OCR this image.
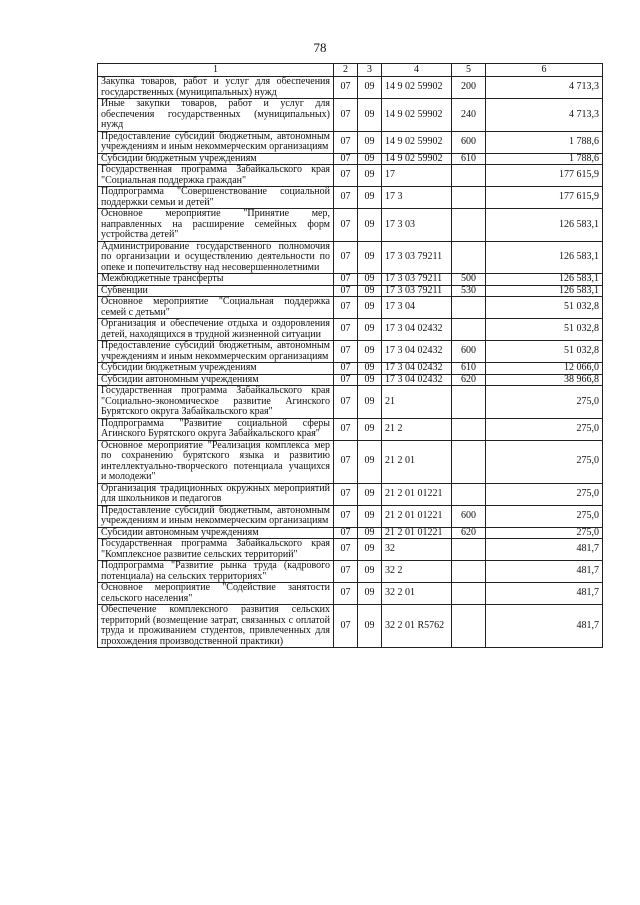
78
1	2	3	4	5	6
Закупка товаров, работ и услуг для обеспечения государственных (муниципальных) нужд	07	09	14 9 02 59902	200	4 713,3
Иные закупки товаров, работ и услуг для обеспечения государственных (муниципальных) нужд	07	09	14 9 02 59902	240	4 713,3
Предоставление субсидий бюджетным, автономным учреждениям и иным некоммерческим организациям	07	09	14 9 02 59902	600	1 788,6
Субсидии бюджетным учреждениям	07	09	14 9 02 59902	610	1 788,6
Государственная программа Забайкальского края "Социальная поддержка граждан"	07	09	17		177 615,9
Подпрограмма "Совершенствование социальной поддержки семьи и детей"	07	09	17 3		177 615,9
Основное мероприятие "Принятие мер, направленных на расширение семейных форм устройства детей"	07	09	17 3 03		126 583,1
Администрирование государственного полномочия по организации и осуществлению деятельности по опеке и попечительству над несовершеннолетними	07	09	17 3 03 79211		126 583,1
Межбюджетные трансферты	07	09	17 3 03 79211	500	126 583,1
Субвенции	07	09	17 3 03 79211	530	126 583,1
Основное мероприятие "Социальная поддержка семей с детьми"	07	09	17 3 04		51 032,8
Организация и обеспечение отдыха и оздоровления детей, находящихся в трудной жизненной ситуации	07	09	17 3 04 02432		51 032,8
Предоставление субсидий бюджетным, автономным учреждениям и иным некоммерческим организациям	07	09	17 3 04 02432	600	51 032,8
Субсидии бюджетным учреждениям	07	09	17 3 04 02432	610	12 066,0
Субсидии автономным учреждениям	07	09	17 3 04 02432	620	38 966,8
Государственная программа Забайкальского края "Социально-экономическое развитие Агинского Бурятского округа Забайкальского края"	07	09	21		275,0
Подпрограмма "Развитие социальной сферы Агинского Бурятского округа Забайкальского края"	07	09	21 2		275,0
Основное мероприятие "Реализация комплекса мер по сохранению бурятского языка и развитию интеллектуально-творческого потенциала учащихся и молодежи"	07	09	21 2 01		275,0
Организация традиционных окружных мероприятий для школьников и педагогов	07	09	21 2 01 01221		275,0
Предоставление субсидий бюджетным, автономным учреждениям и иным некоммерческим организациям	07	09	21 2 01 01221	600	275,0
Субсидии автономным учреждениям	07	09	21 2 01 01221	620	275,0
Государственная программа Забайкальского края "Комплексное развитие сельских территорий"	07	09	32		481,7
Подпрограмма "Развитие рынка труда (кадрового потенциала) на сельских территориях"	07	09	32 2		481,7
Основное мероприятие "Содействие занятости сельского населения"	07	09	32 2 01		481,7
Обеспечение комплексного развития сельских территорий (возмещение затрат, связанных с оплатой труда и проживанием студентов, привлеченных для прохождения производственной практики)	07	09	32 2 01 R5762		481,7
